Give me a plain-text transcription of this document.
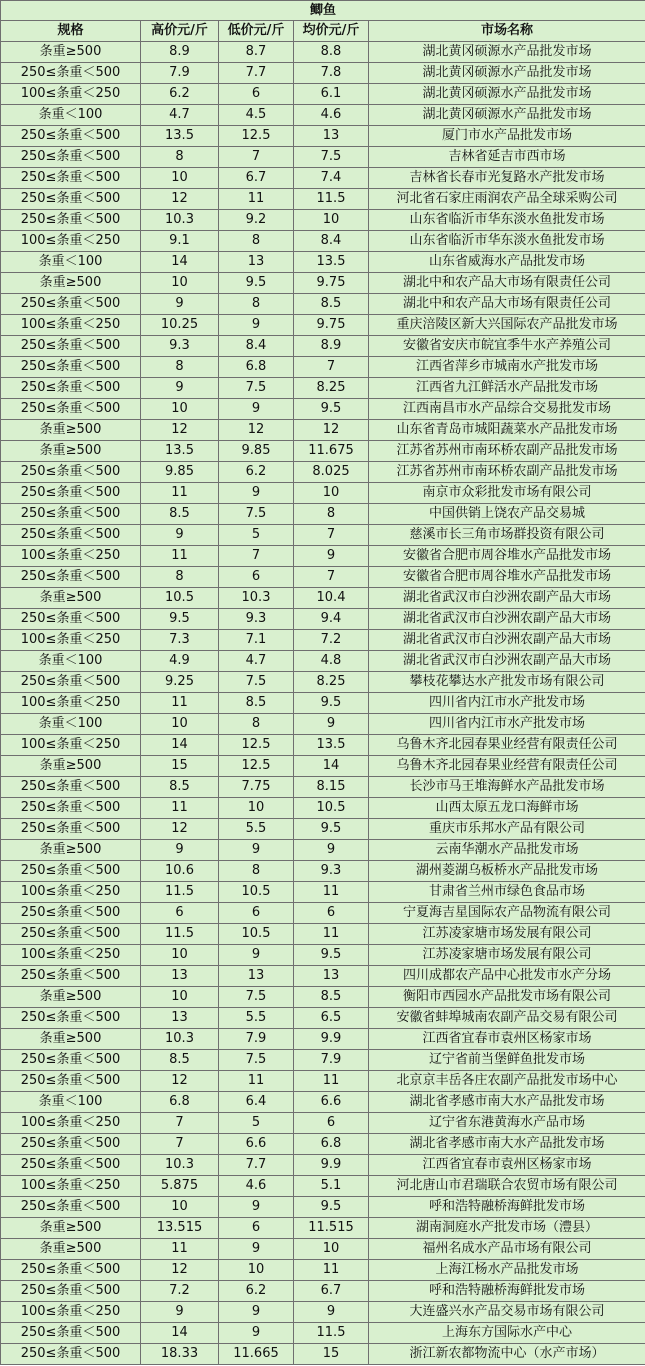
鲫鱼				
规格	高价元/斤	低价元/斤	均价元/斤	市场名称
条重≥500	8.9	8.7	8.8	湖北黄冈硕源水产品批发市场
250≤条重＜500	7.9	7.7	7.8	湖北黄冈硕源水产品批发市场
100≤条重＜250	6.2	6	6.1	湖北黄冈硕源水产品批发市场
条重＜100	4.7	4.5	4.6	湖北黄冈硕源水产品批发市场
250≤条重＜500	13.5	12.5	13	厦门市水产品批发市场
250≤条重＜500	8	7	7.5	吉林省延吉市西市场
250≤条重＜500	10	6.7	7.4	吉林省长春市光复路水产批发市场
250≤条重＜500	12	11	11.5	河北省石家庄雨润农产品全球采购公司
250≤条重＜500	10.3	9.2	10	山东省临沂市华东淡水鱼批发市场
100≤条重＜250	9.1	8	8.4	山东省临沂市华东淡水鱼批发市场
条重＜100	14	13	13.5	山东省威海水产品批发市场
条重≥500	10	9.5	9.75	湖北中和农产品大市场有限责任公司
250≤条重＜500	9	8	8.5	湖北中和农产品大市场有限责任公司
100≤条重＜250	10.25	9	9.75	重庆涪陵区新大兴国际农产品批发市场
250≤条重＜500	9.3	8.4	8.9	安徽省安庆市皖宜季牛水产养殖公司
250≤条重＜500	8	6.8	7	江西省萍乡市城南水产批发市场
250≤条重＜500	9	7.5	8.25	江西省九江鲜活水产品批发市场
250≤条重＜500	10	9	9.5	江西南昌市水产品综合交易批发市场
条重≥500	12	12	12	山东省青岛市城阳蔬菜水产品批发市场
条重≥500	13.5	9.85	11.675	江苏省苏州市南环桥农副产品批发市场
250≤条重＜500	9.85	6.2	8.025	江苏省苏州市南环桥农副产品批发市场
250≤条重＜500	11	9	10	南京市众彩批发市场有限公司
250≤条重＜500	8.5	7.5	8	中国供销上饶农产品交易城
250≤条重＜500	9	5	7	慈溪市长三角市场群投资有限公司
100≤条重＜250	11	7	9	安徽省合肥市周谷堆水产品批发市场
250≤条重＜500	8	6	7	安徽省合肥市周谷堆水产品批发市场
条重≥500	10.5	10.3	10.4	湖北省武汉市白沙洲农副产品大市场
250≤条重＜500	9.5	9.3	9.4	湖北省武汉市白沙洲农副产品大市场
100≤条重＜250	7.3	7.1	7.2	湖北省武汉市白沙洲农副产品大市场
条重＜100	4.9	4.7	4.8	湖北省武汉市白沙洲农副产品大市场
250≤条重＜500	9.25	7.5	8.25	攀枝花攀达水产批发市场有限公司
100≤条重＜250	11	8.5	9.5	四川省内江市水产批发市场
条重＜100	10	8	9	四川省内江市水产批发市场
100≤条重＜250	14	12.5	13.5	乌鲁木齐北园春果业经营有限责任公司
条重≥500	15	12.5	14	乌鲁木齐北园春果业经营有限责任公司
250≤条重＜500	8.5	7.75	8.15	长沙市马王堆海鲜水产品批发市场
250≤条重＜500	11	10	10.5	山西太原五龙口海鲜市场
250≤条重＜500	12	5.5	9.5	重庆市乐邦水产品有限公司
条重≥500	9	9	9	云南华潮水产品批发市场
250≤条重＜500	10.6	8	9.3	湖州菱湖乌板桥水产品批发市场
100≤条重＜250	11.5	10.5	11	甘肃省兰州市绿色食品市场
250≤条重＜500	6	6	6	宁夏海吉星国际农产品物流有限公司
250≤条重＜500	11.5	10.5	11	江苏凌家塘市场发展有限公司
100≤条重＜250	10	9	9.5	江苏凌家塘市场发展有限公司
250≤条重＜500	13	13	13	四川成都农产品中心批发市水产分场
条重≥500	10	7.5	8.5	衡阳市西园水产品批发市场有限公司
250≤条重＜500	13	5.5	6.5	安徽省蚌埠城南农副产品交易有限公司
条重≥500	10.3	7.9	9.9	江西省宜春市袁州区杨家市场
250≤条重＜500	8.5	7.5	7.9	辽宁省前当堡鲜鱼批发市场
250≤条重＜500	12	11	11	北京京丰岳各庄农副产品批发市场中心
条重＜100	6.8	6.4	6.6	湖北省孝感市南大水产品批发市场
100≤条重＜250	7	5	6	辽宁省东港黄海水产品市场
250≤条重＜500	7	6.6	6.8	湖北省孝感市南大水产品批发市场
250≤条重＜500	10.3	7.7	9.9	江西省宜春市袁州区杨家市场
100≤条重＜250	5.875	4.6	5.1	河北唐山市君瑞联合农贸市场有限公司
250≤条重＜500	10	9	9.5	呼和浩特融桥海鲜批发市场
条重≥500	13.515	6	11.515	湖南洞庭水产批发市场（澧县）
条重≥500	11	9	10	福州名成水产品市场有限公司
250≤条重＜500	12	10	11	上海江杨水产品批发市场
250≤条重＜500	7.2	6.2	6.7	呼和浩特融桥海鲜批发市场
100≤条重＜250	9	9	9	大连盛兴水产品交易市场有限公司
250≤条重＜500	14	9	11.5	上海东方国际水产中心
250≤条重＜500	18.33	11.665	15	浙江新农都物流中心（水产市场）
